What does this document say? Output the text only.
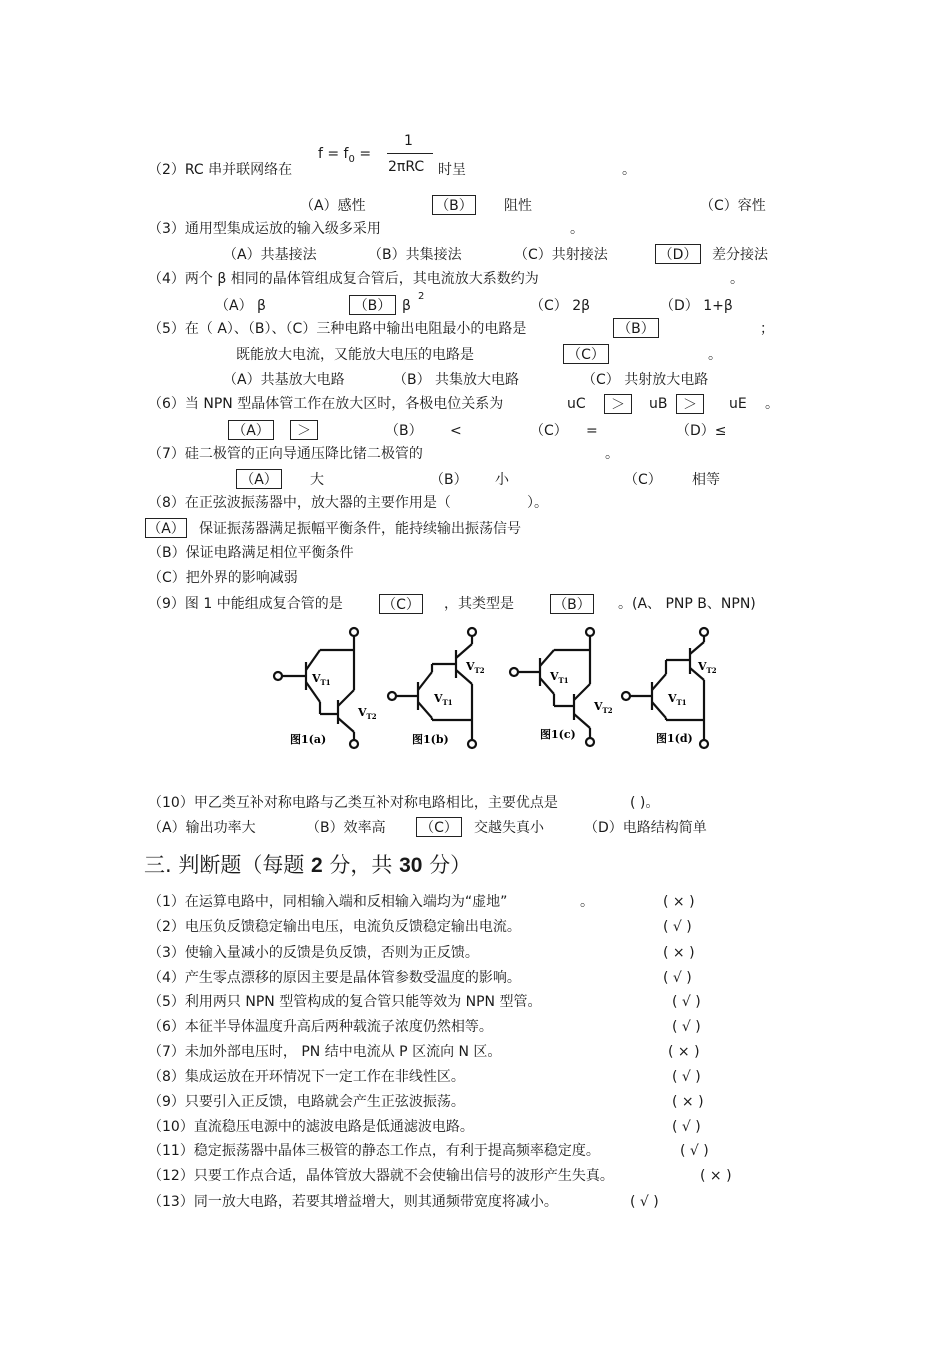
$f = f_0$ =
1
2πRC
（2）RC 串并联网络在	时呈	。
（A）感性	（B） 阻性	（C）容性
（3）通用型集成运放的输入级多采用	。
（A）共基接法	（B）共集接法	（C）共射接法	（D） 差分接法
（4）两个 β 相同的晶体管组成复合管后，其电流放大系数约为	。
（A） β	（B） β
2
（C） 2β	（D） 1+β
（5）在（ A）、（B）、（C）三种电路中输出电阻最小的电路是	（B）	；
既能放大电流，又能放大电压的电路是	（C）	。
（A）共基放大电路	（B） 共集放大电路	（C） 共射放大电路
（6）当 NPN 型晶体管工作在放大区时，各极电位关系为	uC	＞	uB	＞	uE 。
（A）	＞	（B） <	（C） =	（D）≤
（7）硅二极管的正向导通压降比锗二极管的	。
（A）	大	（B） 小	（C） 相等
（8）在正弦波振荡器中，放大器的主要作用是（	）。
（A） 保证振荡器满足振幅平衡条件，能持续输出振荡信号
（B）保证电路满足相位平衡条件
（C）把外界的影响减弱
（9）图 1 中能组成复合管的是	（C） ，其类型是	（B） 。(A、 PNP B、NPN)
$V_{T1}$
$V_{T2}$
$V_{T1}$
$V_{T2}$	$V_{T1}$
$V_{T2}$
$V_{T1}$
$V_{T2}$
图1(a)	图1(b)	图1(c)	图1(d)
（10）甲乙类互补对称电路与乙类互补对称电路相比，主要优点是	( )。
（A）输出功率大	（B）效率高 （C） 交越失真小	（D）电路结构简单
三. 判断题（每题 2 分，共 30 分）
（1）在运算电路中，同相输入端和反相输入端均为“虚地”	。	( × )
（2）电压负反馈稳定输出电压，电流负反馈稳定输出电流。	( √ )
（3）使输入量减小的反馈是负反馈，否则为正反馈。	( × )
（4）产生零点漂移的原因主要是晶体管参数受温度的影响。	( √ )
（5）利用两只 NPN 型管构成的复合管只能等效为 NPN 型管。	( √ )
（6）本征半导体温度升高后两种载流子浓度仍然相等。	( √ )
（7）未加外部电压时， PN 结中电流从 P 区流向 N 区。	( × )
（8）集成运放在开环情况下一定工作在非线性区。	( √ )
（9）只要引入正反馈，电路就会产生正弦波振荡。	( × )
（10）直流稳压电源中的滤波电路是低通滤波电路。	( √ )
（11）稳定振荡器中晶体三极管的静态工作点，有利于提高频率稳定度。	( √ )
（12）只要工作点合适，晶体管放大器就不会使输出信号的波形产生失真。	( × )
（13）同一放大电路，若要其增益增大，则其通频带宽度将减小。	( √ )
